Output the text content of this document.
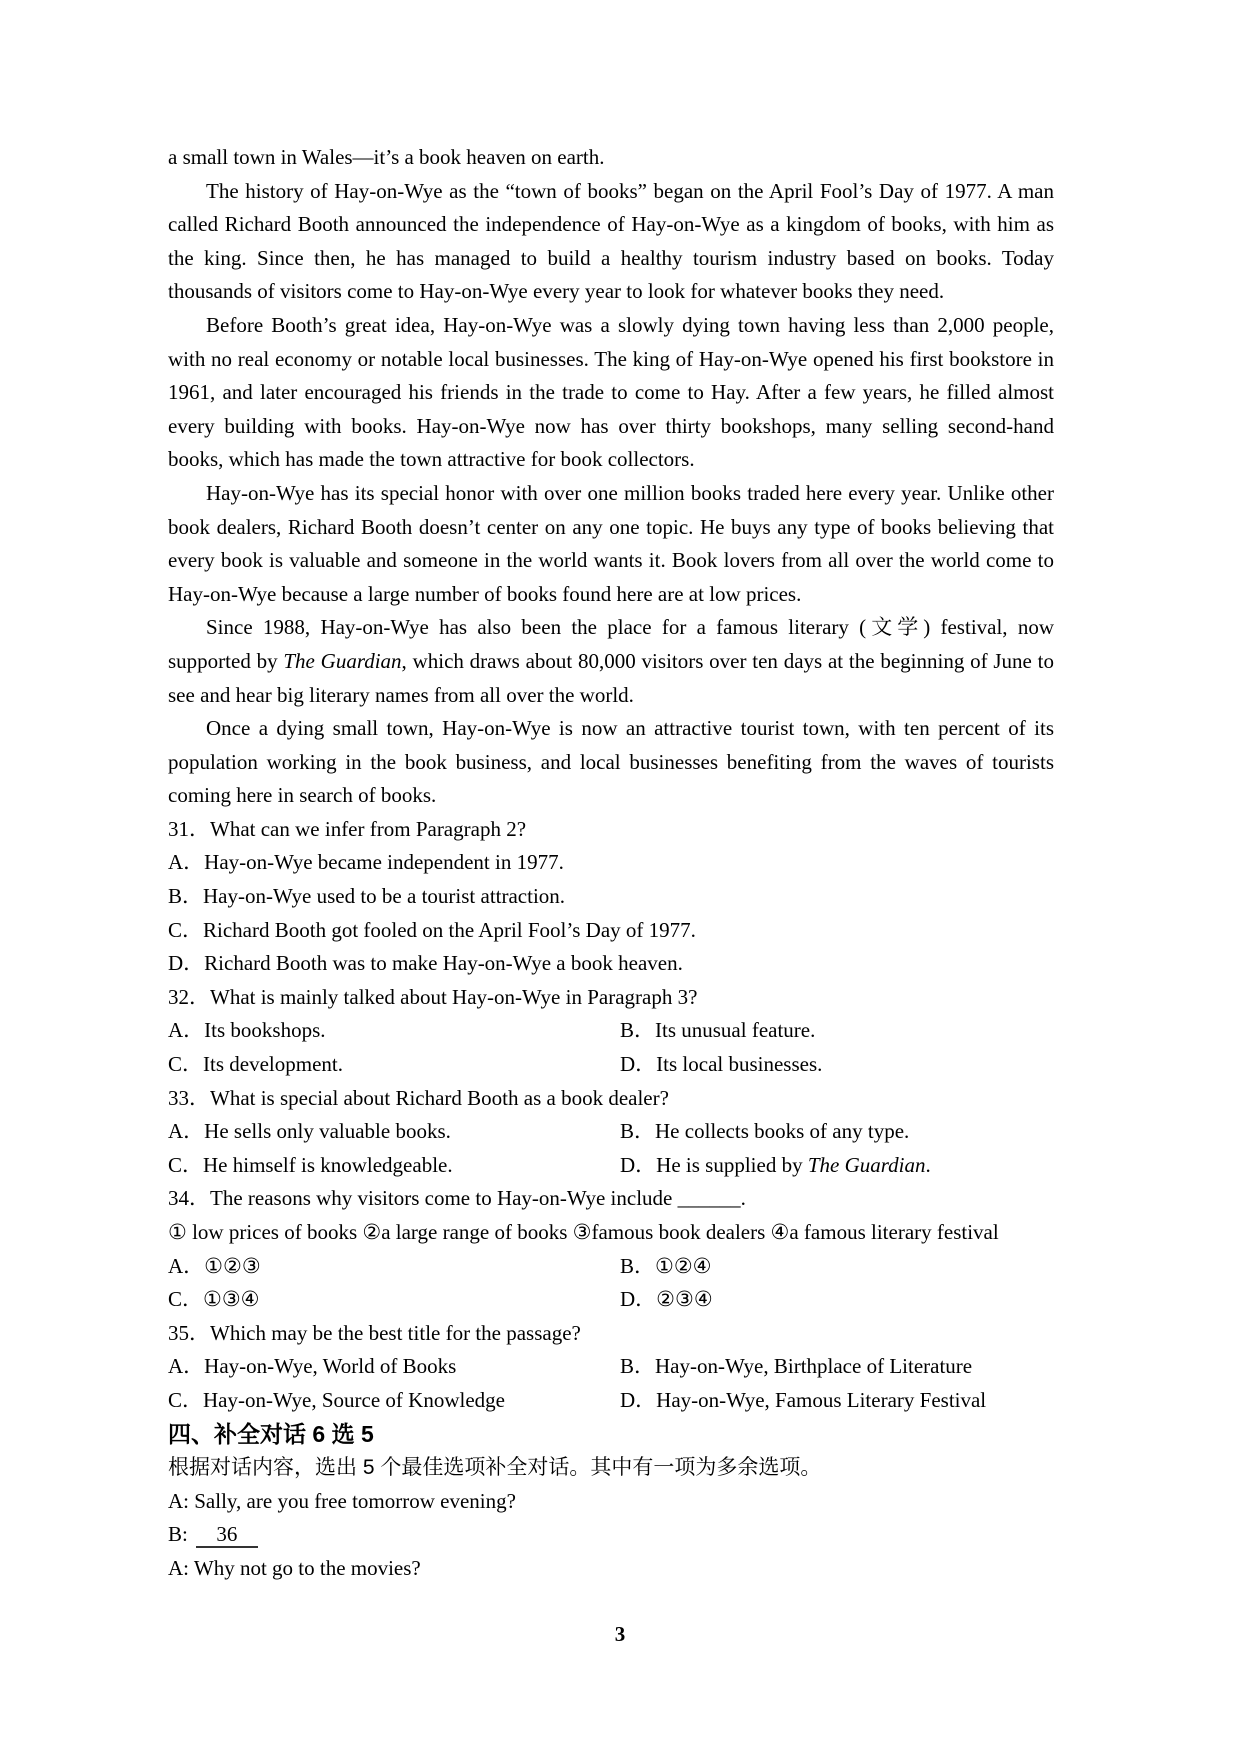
a small town in Wales—it’s a book heaven on earth.

The history of Hay-on-Wye as the “town of books” began on the April Fool’s Day of 1977. A man called Richard Booth announced the independence of Hay-on-Wye as a kingdom of books, with him as the king. Since then, he has managed to build a healthy tourism industry based on books. Today thousands of visitors come to Hay-on-Wye every year to look for whatever books they need.

Before Booth’s great idea, Hay-on-Wye was a slowly dying town having less than 2,000 people, with no real economy or notable local businesses. The king of Hay-on-Wye opened his first bookstore in 1961, and later encouraged his friends in the trade to come to Hay. After a few years, he filled almost every building with books. Hay-on-Wye now has over thirty bookshops, many selling second-hand books, which has made the town attractive for book collectors.

Hay-on-Wye has its special honor with over one million books traded here every year. Unlike other book dealers, Richard Booth doesn’t center on any one topic. He buys any type of books believing that every book is valuable and someone in the world wants it. Book lovers from all over the world come to Hay-on-Wye because a large number of books found here are at low prices.

Since 1988, Hay-on-Wye has also been the place for a famous literary (文学) festival, now supported by The Guardian, which draws about 80,000 visitors over ten days at the beginning of June to see and hear big literary names from all over the world.

Once a dying small town, Hay-on-Wye is now an attractive tourist town, with ten percent of its population working in the book business, and local businesses benefiting from the waves of tourists coming here in search of books.

31．What can we infer from Paragraph 2?
A．Hay-on-Wye became independent in 1977.
B．Hay-on-Wye used to be a tourist attraction.
C．Richard Booth got fooled on the April Fool’s Day of 1977.
D．Richard Booth was to make Hay-on-Wye a book heaven.
32．What is mainly talked about Hay-on-Wye in Paragraph 3?
A．Its bookshops.	B．Its unusual feature.
C．Its development.	D．Its local businesses.
33．What is special about Richard Booth as a book dealer?
A．He sells only valuable books.	B．He collects books of any type.
C．He himself is knowledgeable.	D．He is supplied by The Guardian.
34．The reasons why visitors come to Hay-on-Wye include ______.
① low prices of books ②a large range of books ③famous book dealers ④a famous literary festival
A．①②③	B．①②④
C．①③④	D．②③④
35．Which may be the best title for the passage?
A．Hay-on-Wye, World of Books	B．Hay-on-Wye, Birthplace of Literature
C．Hay-on-Wye, Source of Knowledge	D．Hay-on-Wye, Famous Literary Festival
四、补全对话 6 选 5
根据对话内容，选出 5 个最佳选项补全对话。其中有一项为多余选项。
A: Sally, are you free tomorrow evening?
B: 36
A: Why not go to the movies?
3
